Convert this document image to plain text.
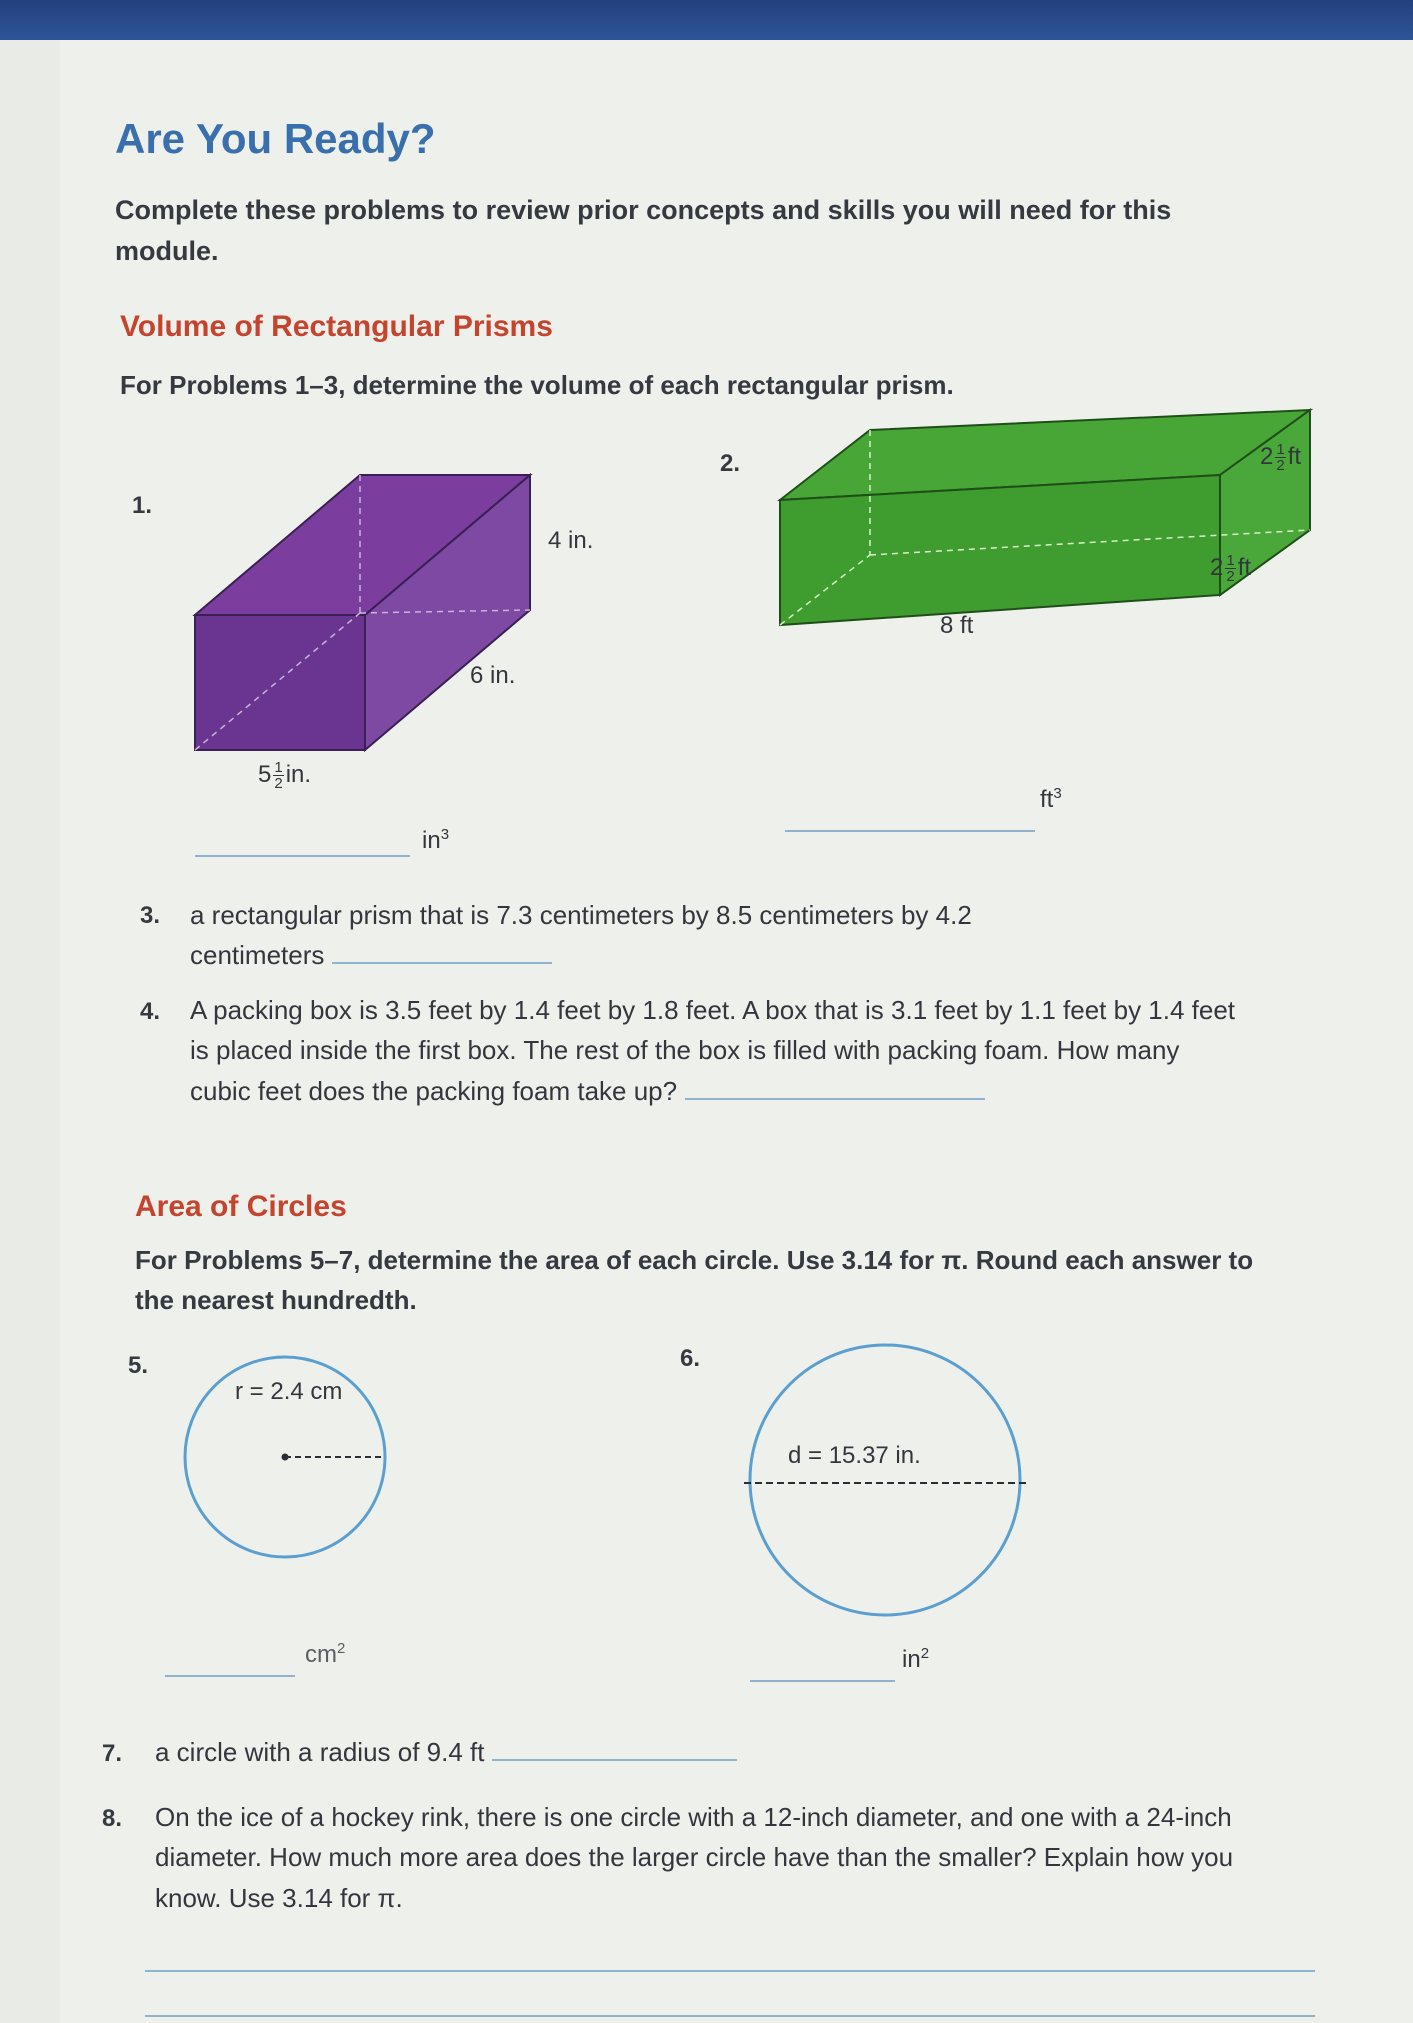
Are You Ready?
Complete these problems to review prior concepts and skills you will need for this module.
Volume of Rectangular Prisms
For Problems 1–3, determine the volume of each rectangular prism.
1.
4 in.
6 in.
$5 \frac{1}{2}$ in.
$in^3$
2.	$2 \frac{1}{2}$ ft
$2 \frac{1}{2}$ ft
8 ft
$ft^3$
3. a rectangular prism that is 7.3 centimeters by 8.5 centimeters by 4.2 centimeters
4. A packing box is 3.5 feet by 1.4 feet by 1.8 feet. A box that is 3.1 feet by 1.1 feet by 1.4 feet is placed inside the first box. The rest of the box is filled with packing foam. How many cubic feet does the packing foam take up?
Area of Circles
For Problems 5–7, determine the area of each circle. Use 3.14 for π. Round each answer to the nearest hundredth.
5.
r = 2.4 cm
$cm^2$
6.
d = 15.37 in.
$in^2$
7. a circle with a radius of 9.4 ft
8. On the ice of a hockey rink, there is one circle with a 12-inch diameter, and one with a 24-inch diameter. How much more area does the larger circle have than the smaller? Explain how you know. Use 3.14 for π.
